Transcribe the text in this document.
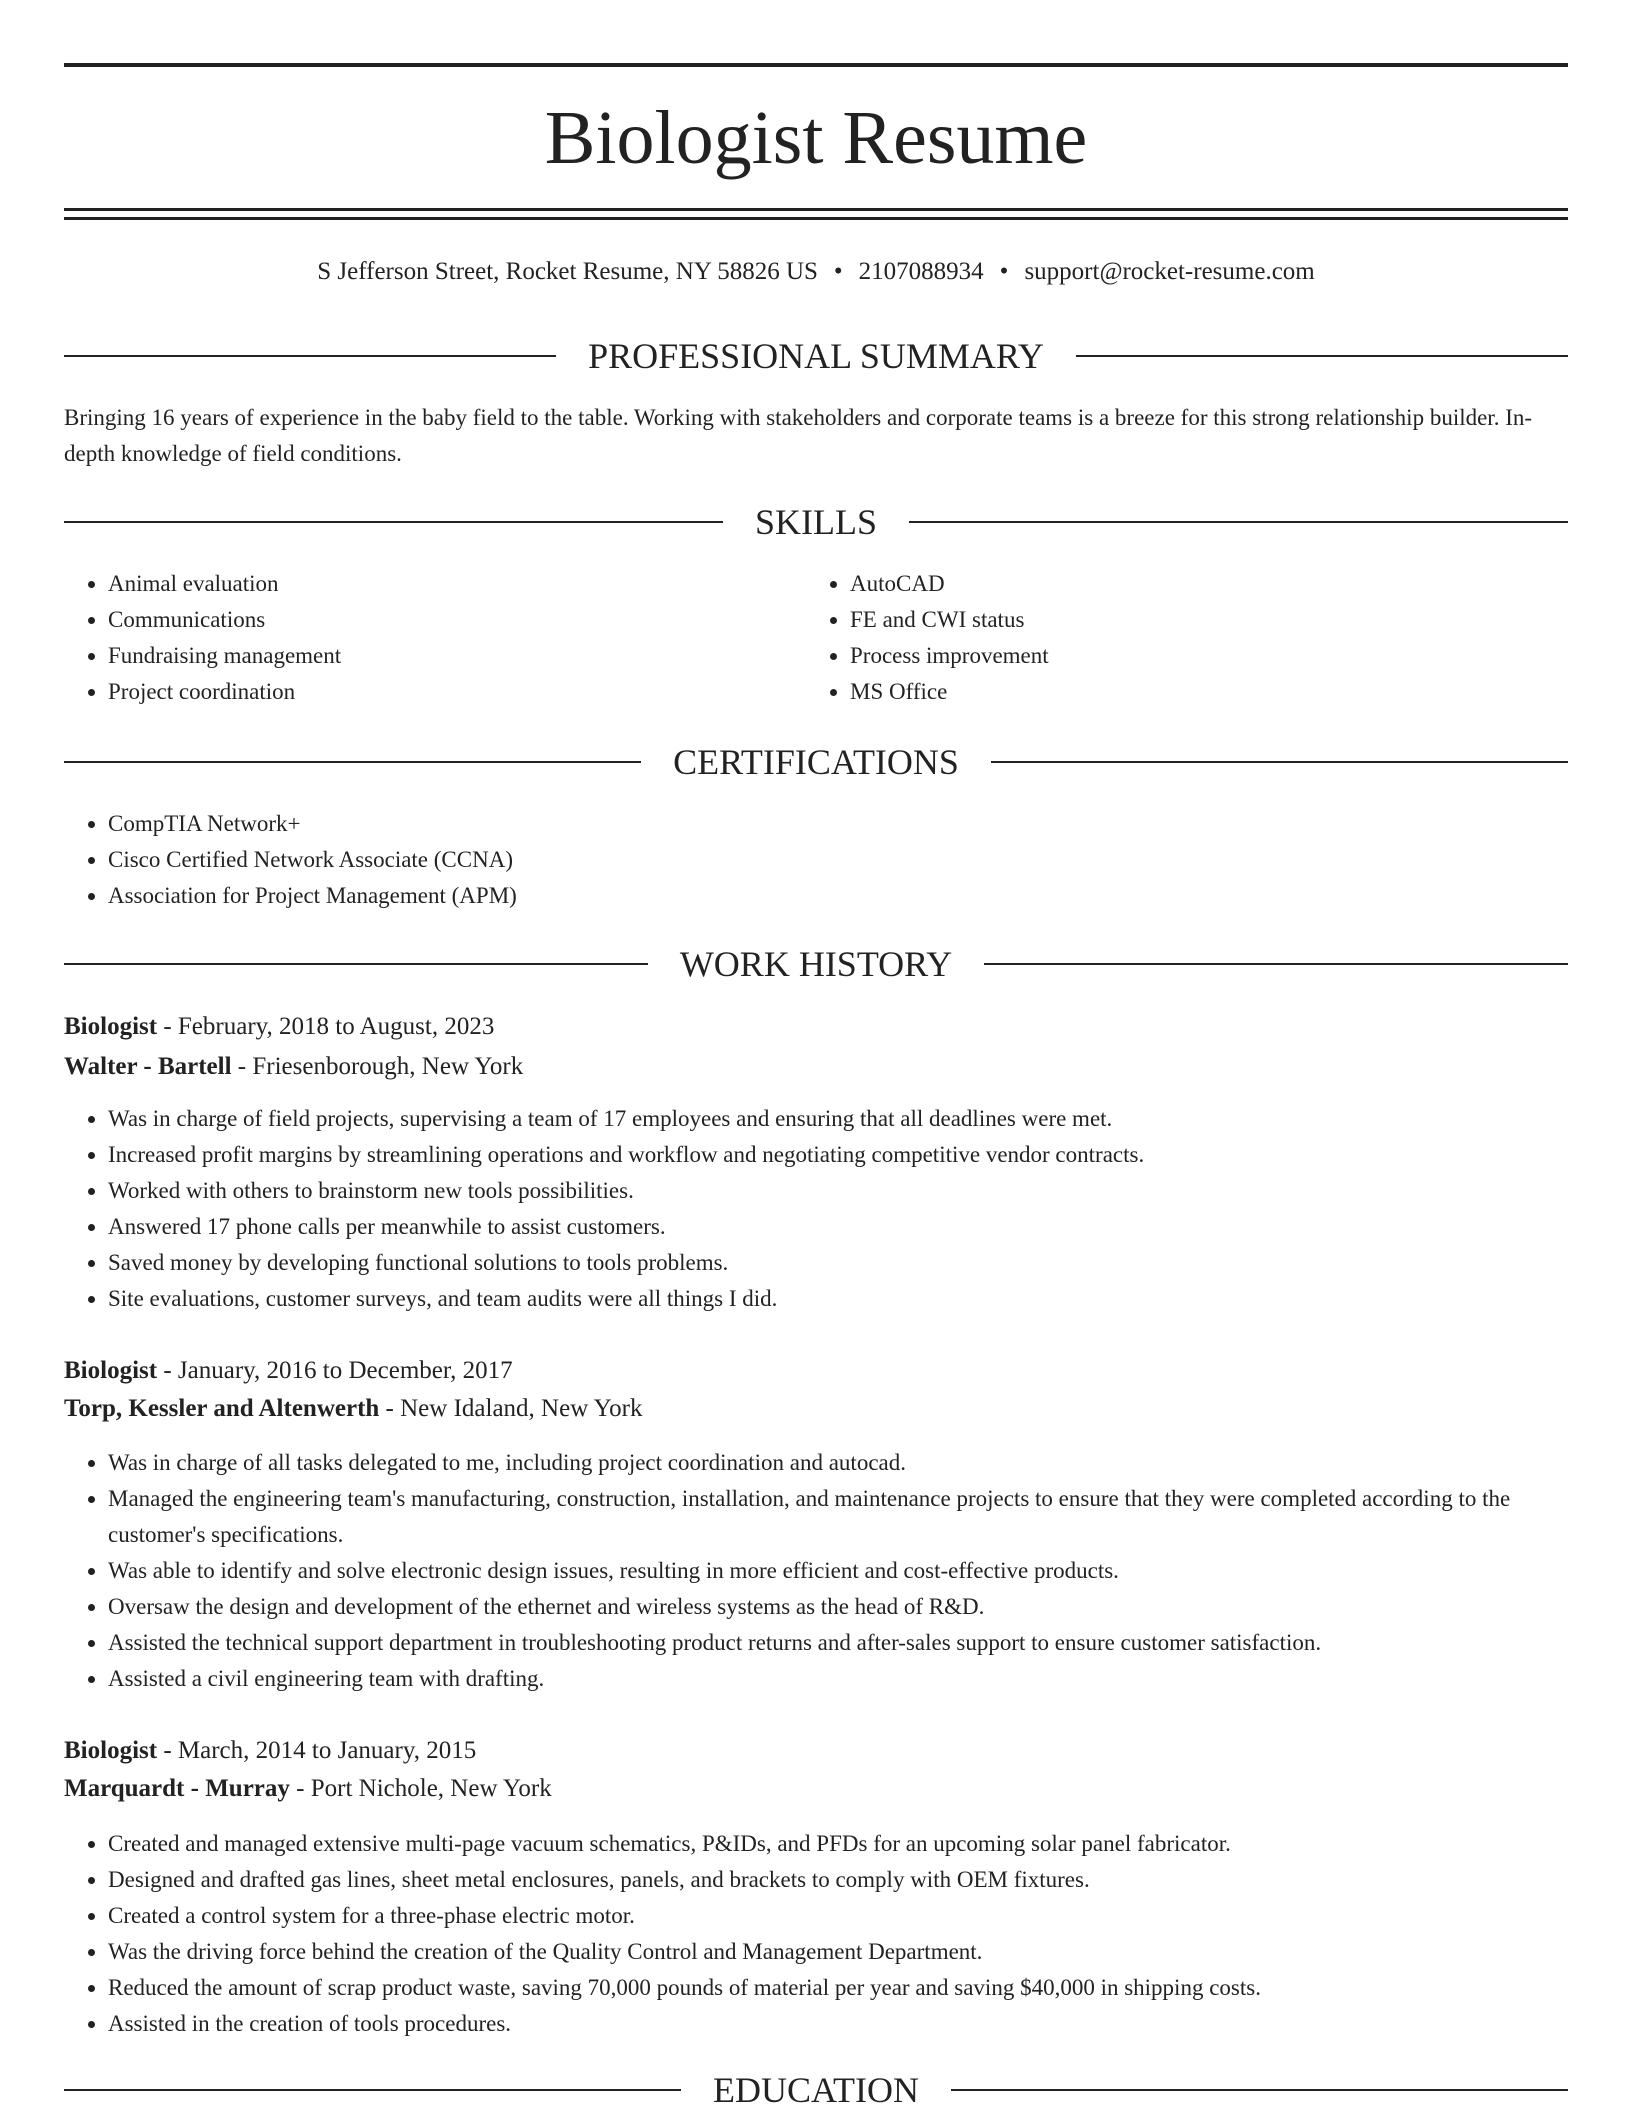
Biologist Resume
S Jefferson Street, Rocket Resume, NY 58826 US • 2107088934 • support@rocket-resume.com
PROFESSIONAL SUMMARY

Bringing 16 years of experience in the baby field to the table. Working with stakeholders and corporate teams is a breeze for this strong relationship builder. In-depth knowledge of field conditions.

SKILLS
• Animal evaluation
• Communications
• Fundraising management
• Project coordination
• AutoCAD
• FE and CWI status
• Process improvement
• MS Office
CERTIFICATIONS
• CompTIA Network+
• Cisco Certified Network Associate (CCNA)
• Association for Project Management (APM)
WORK HISTORY
Biologist - February, 2018 to August, 2023
Walter - Bartell - Friesenborough, New York
• Was in charge of field projects, supervising a team of 17 employees and ensuring that all deadlines were met.
• Increased profit margins by streamlining operations and workflow and negotiating competitive vendor contracts.
• Worked with others to brainstorm new tools possibilities.
• Answered 17 phone calls per meanwhile to assist customers.
• Saved money by developing functional solutions to tools problems.
• Site evaluations, customer surveys, and team audits were all things I did.
Biologist - January, 2016 to December, 2017
Torp, Kessler and Altenwerth - New Idaland, New York
• Was in charge of all tasks delegated to me, including project coordination and autocad.
• Managed the engineering team's manufacturing, construction, installation, and maintenance projects to ensure that they were completed according to the customer's specifications.
• Was able to identify and solve electronic design issues, resulting in more efficient and cost-effective products.
• Oversaw the design and development of the ethernet and wireless systems as the head of R&D.
• Assisted the technical support department in troubleshooting product returns and after-sales support to ensure customer satisfaction.
• Assisted a civil engineering team with drafting.
Biologist - March, 2014 to January, 2015
Marquardt - Murray - Port Nichole, New York
• Created and managed extensive multi-page vacuum schematics, P&IDs, and PFDs for an upcoming solar panel fabricator.
• Designed and drafted gas lines, sheet metal enclosures, panels, and brackets to comply with OEM fixtures.
• Created a control system for a three-phase electric motor.
• Was the driving force behind the creation of the Quality Control and Management Department.
• Reduced the amount of scrap product waste, saving 70,000 pounds of material per year and saving $40,000 in shipping costs.
• Assisted in the creation of tools procedures.
EDUCATION
